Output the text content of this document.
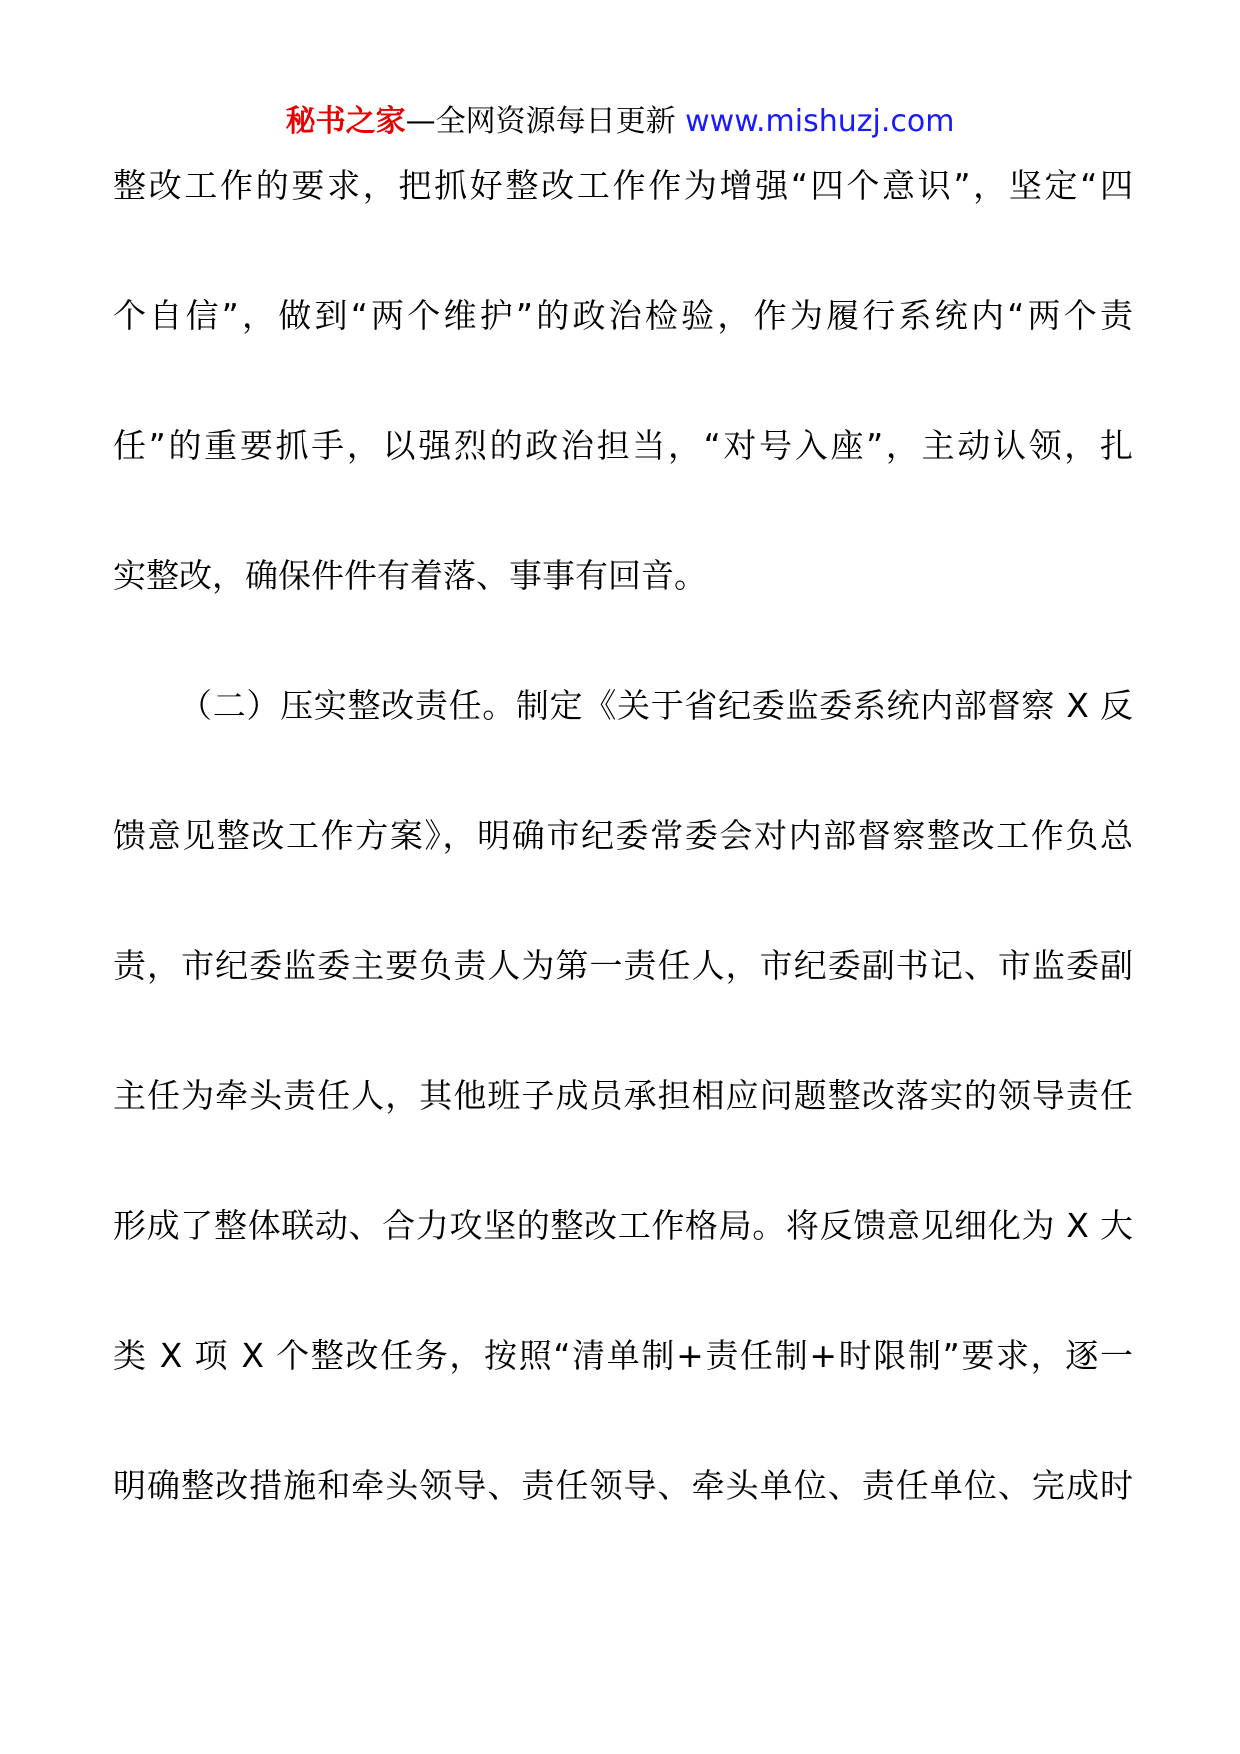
秘书之家—全网资源每日更新 www.mishuzj.com
整改工作的要求，把抓好整改工作作为增强“四个意识”，坚定“四
个自信”，做到“两个维护”的政治检验，作为履行系统内“两个责
任”的重要抓手，以强烈的政治担当，“对号入座”，主动认领，扎
实整改，确保件件有着落、事事有回音。
（二）压实整改责任。制定《关于省纪委监委系统内部督察 X 反
馈意见整改工作方案》，明确市纪委常委会对内部督察整改工作负总
责，市纪委监委主要负责人为第一责任人，市纪委副书记、市监委副
主任为牵头责任人，其他班子成员承担相应问题整改落实的领导责任
形成了整体联动、合力攻坚的整改工作格局。将反馈意见细化为 X 大
类 X 项 X 个整改任务，按照“清单制+责任制+时限制”要求，逐一
明确整改措施和牵头领导、责任领导、牵头单位、责任单位、完成时
